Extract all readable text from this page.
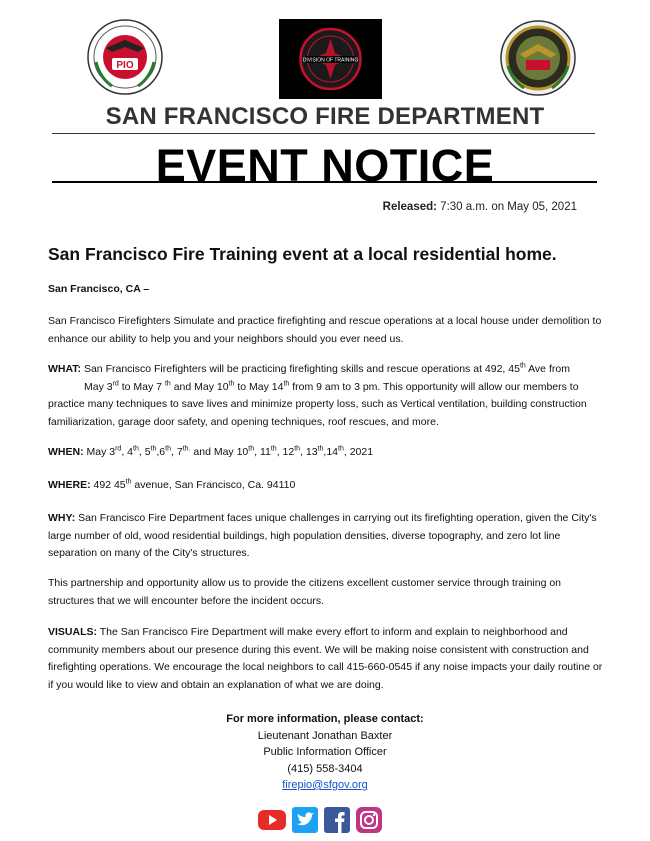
PIO	DIVISION OF TRAINING
SAN FRANCISCO FIRE DEPARTMENT
EVENT NOTICE
Released: 7:30 a.m. on May 05, 2021
San Francisco Fire Training event at a local residential home.
San Francisco, CA –
San Francisco Firefighters Simulate and practice firefighting and rescue operations at a local house under demolition to enhance our ability to help you and your neighbors should you ever need us.
WHAT: San Francisco Firefighters will be practicing firefighting skills and rescue operations at 492, 45th Ave from
May 3rd to May 7 $^{th}$ and May 10th to May 14th from 9 am to 3 pm. This opportunity will allow our members to
practice many techniques to save lives and minimize property loss, such as Vertical ventilation, building construction familiarization, garage door safety, and opening techniques, roof rescues, and more.
WHEN: May 3rd, 4th, 5th,6th, $7^{th.}$ and May 10th, 11th, 12th, 13th,14th, 2021
WHERE: 492 45th avenue, San Francisco, Ca. 94110
WHY: San Francisco Fire Department faces unique challenges in carrying out its firefighting operation, given the City's large number of old, wood residential buildings, high population densities, diverse topography, and zero lot line separation on many of the City's structures.
This partnership and opportunity allow us to provide the citizens excellent customer service through training on structures that we will encounter before the incident occurs.
VISUALS: The San Francisco Fire Department will make every effort to inform and explain to neighborhood and community members about our presence during this event. We will be making noise consistent with construction and firefighting operations. We encourage the local neighbors to call 415-660-0545 if any noise impacts your daily routine or if you would like to view and obtain an explanation of what we are doing.
For more information, please contact:
Lieutenant Jonathan Baxter
Public Information Officer
(415) 558-3404
firepio@sfgov.org
